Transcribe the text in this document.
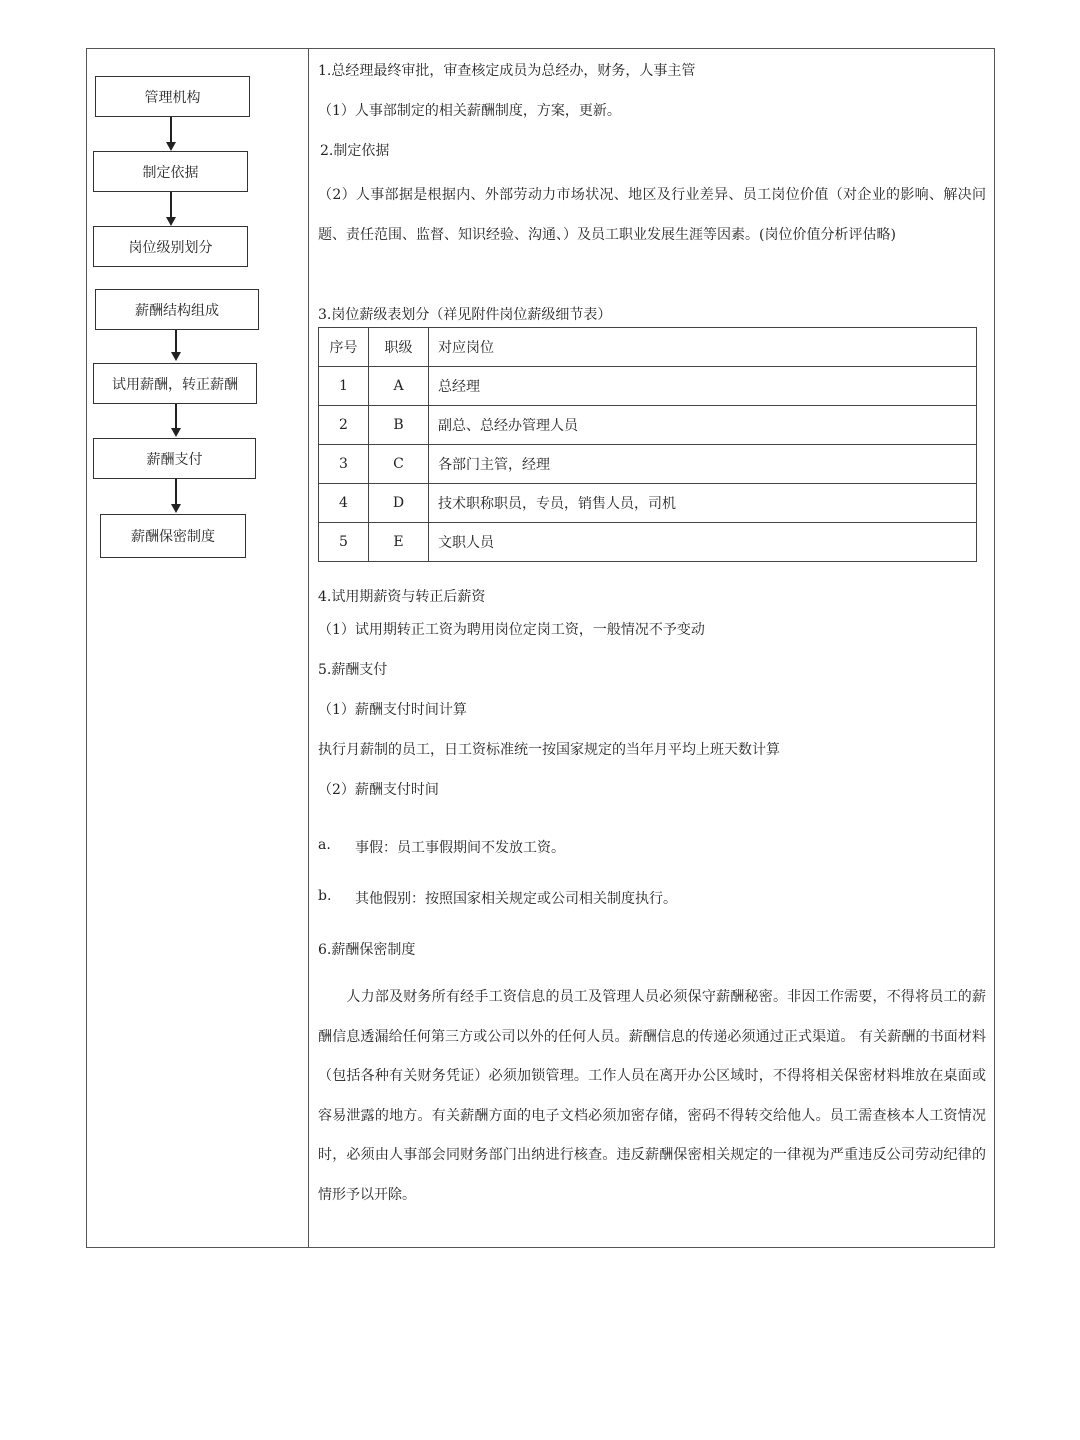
管理机构
制定依据
岗位级别划分
薪酬结构组成
试用薪酬，转正薪酬
薪酬支付
薪酬保密制度
1.总经理最终审批，审查核定成员为总经办，财务，人事主管
（1）人事部制定的相关薪酬制度，方案，更新。
2.制定依据
（2）人事部据是根据内、外部劳动力市场状况、地区及行业差异、员工岗位价值（对企业的影响、解决问题、责任范围、监督、知识经验、沟通、）及员工职业发展生涯等因素。(岗位价值分析评估略)
3.岗位薪级表划分（祥见附件岗位薪级细节表）
序号	职级	对应岗位
1	A	总经理
2	B	副总、总经办管理人员
3	C	各部门主管，经理
4	D	技术职称职员，专员，销售人员，司机
5	E	文职人员
4.试用期薪资与转正后薪资
（1）试用期转正工资为聘用岗位定岗工资，一般情况不予变动
5.薪酬支付
（1）薪酬支付时间计算
执行月薪制的员工，日工资标准统一按国家规定的当年月平均上班天数计算
（2）薪酬支付时间
a. 事假：员工事假期间不发放工资。
b. 其他假别：按照国家相关规定或公司相关制度执行。
6.薪酬保密制度
　　人力部及财务所有经手工资信息的员工及管理人员必须保守薪酬秘密。非因工作需要，不得将员工的薪酬信息透漏给任何第三方或公司以外的任何人员。薪酬信息的传递必须通过正式渠道。 有关薪酬的书面材料（包括各种有关财务凭证）必须加锁管理。工作人员在离开办公区域时，不得将相关保密材料堆放在桌面或容易泄露的地方。有关薪酬方面的电子文档必须加密存储，密码不得转交给他人。员工需查核本人工资情况时，必须由人事部会同财务部门出纳进行核查。违反薪酬保密相关规定的一律视为严重违反公司劳动纪律的情形予以开除。
